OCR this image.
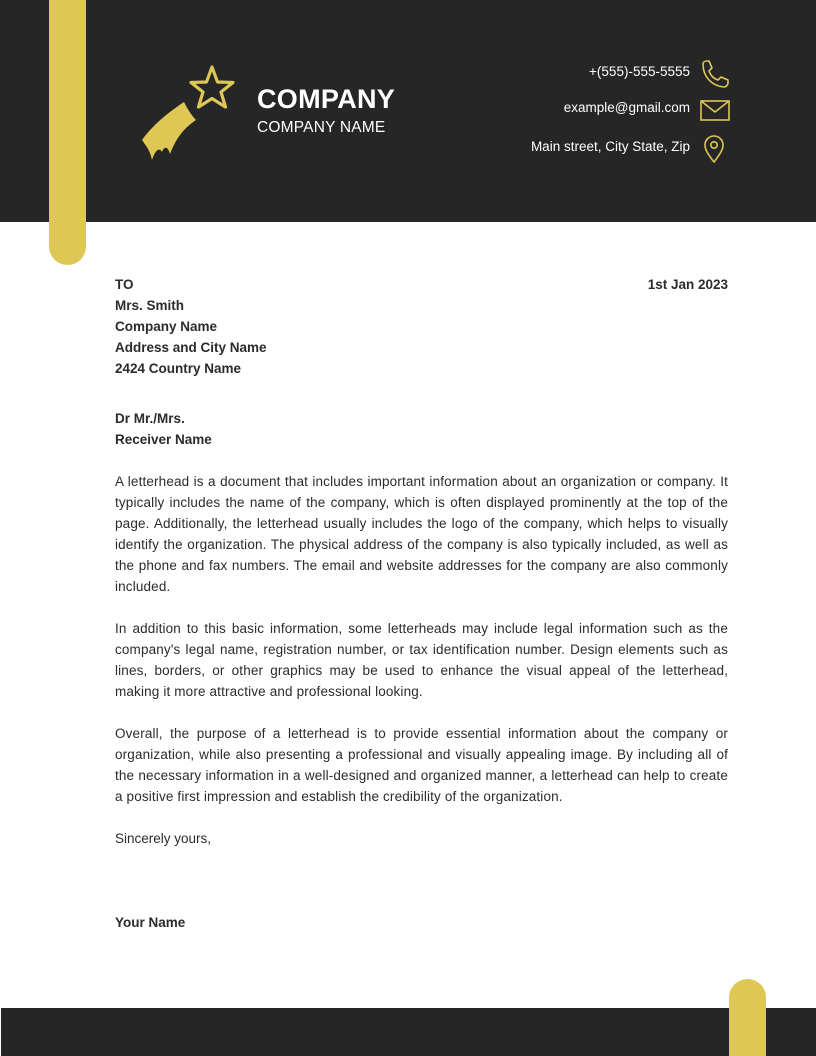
COMPANY
COMPANY NAME
+(555)-555-5555
example@gmail.com
Main street, City State, Zip
1st Jan 2023
TO
Mrs. Smith
Company Name
Address and City Name
2424 Country Name
Dr Mr./Mrs.
Receiver Name

A letterhead is a document that includes important information about an organization or company. It typically includes the name of the company, which is often displayed prominently at the top of the page. Additionally, the letterhead usually includes the logo of the company, which helps to visually identify the organization. The physical address of the company is also typically included, as well as the phone and fax numbers. The email and website addresses for the company are also commonly included.

In addition to this basic information, some letterheads may include legal information such as the company's legal name, registration number, or tax identification number. Design elements such as lines, borders, or other graphics may be used to enhance the visual appeal of the letterhead, making it more attractive and professional looking.

Overall, the purpose of a letterhead is to provide essential information about the company or organization, while also presenting a professional and visually appealing image. By including all of the necessary information in a well-designed and organized manner, a letterhead can help to create a positive first impression and establish the credibility of the organization.

Sincerely yours,
Your Name
